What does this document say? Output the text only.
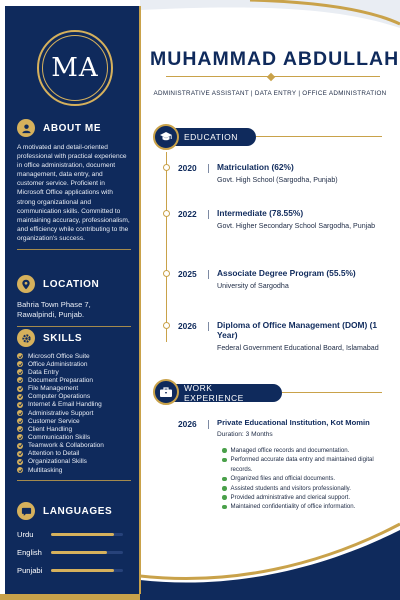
MA
ABOUT ME

A motivated and detail-oriented professional with practical experience in office administration, document management, data entry, and customer service. Proficient in Microsoft Office applications with strong organizational and communication skills. Committed to maintaining accuracy, professionalism, and efficiency while contributing to the organization's success.

LOCATION

Bahria Town Phase 7, Rawalpindi, Punjab.

SKILLS
Microsoft Office Suite
Office Administration
Data Entry
Document Preparation
File Management
Computer Operations
Internet & Email Handling
Administrative Support
Customer Service
Client Handling
Communication Skills
Teamwork & Collaboration
Attention to Detail
Organizational Skills
Multitasking
LANGUAGES
Urdu
English
Punjabi
MUHAMMAD ABDULLAH
ADMINISTRATIVE ASSISTANT | DATA ENTRY | OFFICE ADMINISTRATION
EDUCATION
2020	Matriculation (62%)
Govt. High School (Sargodha, Punjab)
2022	Intermediate (78.55%)
Govt. Higher Secondary School Sargodha, Punjab
2025	Associate Degree Program (55.5%)
University of Sargodha
2026	Diploma of Office Management (DOM) (1 Year)
Federal Government Educational Board, Islamabad
WORK EXPERIENCE
2026	Private Educational Institution, Kot Momin
Duration: 3 Months
Managed office records and documentation.
Performed accurate data entry and maintained digital records.
Organized files and official documents.
Assisted students and visitors professionally.
Provided administrative and clerical support.
Maintained confidentiality of office information.
